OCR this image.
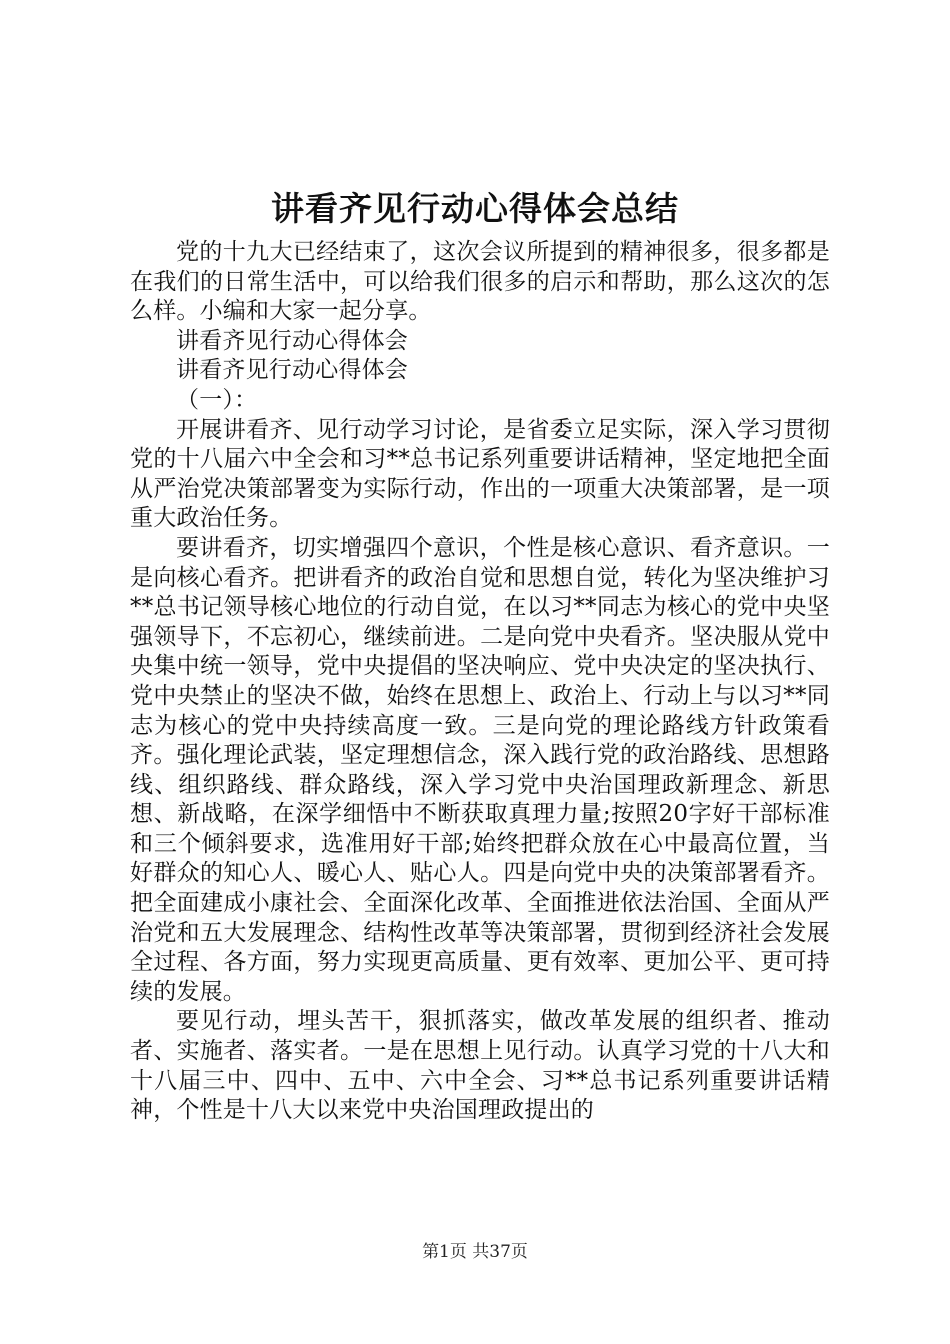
讲看齐见行动心得体会总结

党的十九大已经结束了，这次会议所提到的精神很多，很多都是在我们的日常生活中，可以给我们很多的启示和帮助，那么这次的怎么样。小编和大家一起分享。

讲看齐见行动心得体会

讲看齐见行动心得体会

（一）：

开展讲看齐、见行动学习讨论，是省委立足实际，深入学习贯彻党的十八届六中全会和习**总书记系列重要讲话精神，坚定地把全面从严治党决策部署变为实际行动，作出的一项重大决策部署，是一项重大政治任务。

要讲看齐，切实增强四个意识，个性是核心意识、看齐意识。一是向核心看齐。把讲看齐的政治自觉和思想自觉，转化为坚决维护习**总书记领导核心地位的行动自觉，在以习**同志为核心的党中央坚强领导下，不忘初心，继续前进。二是向党中央看齐。坚决服从党中央集中统一领导，党中央提倡的坚决响应、党中央决定的坚决执行、党中央禁止的坚决不做，始终在思想上、政治上、行动上与以习**同志为核心的党中央持续高度一致。三是向党的理论路线方针政策看齐。强化理论武装，坚定理想信念，深入践行党的政治路线、思想路线、组织路线、群众路线，深入学习党中央治国理政新理念、新思想、新战略，在深学细悟中不断获取真理力量;按照20字好干部标准和三个倾斜要求，选准用好干部;始终把群众放在心中最高位置，当好群众的知心人、暖心人、贴心人。四是向党中央的决策部署看齐。把全面建成小康社会、全面深化改革、全面推进依法治国、全面从严治党和五大发展理念、结构性改革等决策部署，贯彻到经济社会发展全过程、各方面，努力实现更高质量、更有效率、更加公平、更可持续的发展。

要见行动，埋头苦干，狠抓落实，做改革发展的组织者、推动者、实施者、落实者。一是在思想上见行动。认真学习党的十八大和十八届三中、四中、五中、六中全会、习**总书记系列重要讲话精神，个性是十八大以来党中央治国理政提出的

第1页 共37页
